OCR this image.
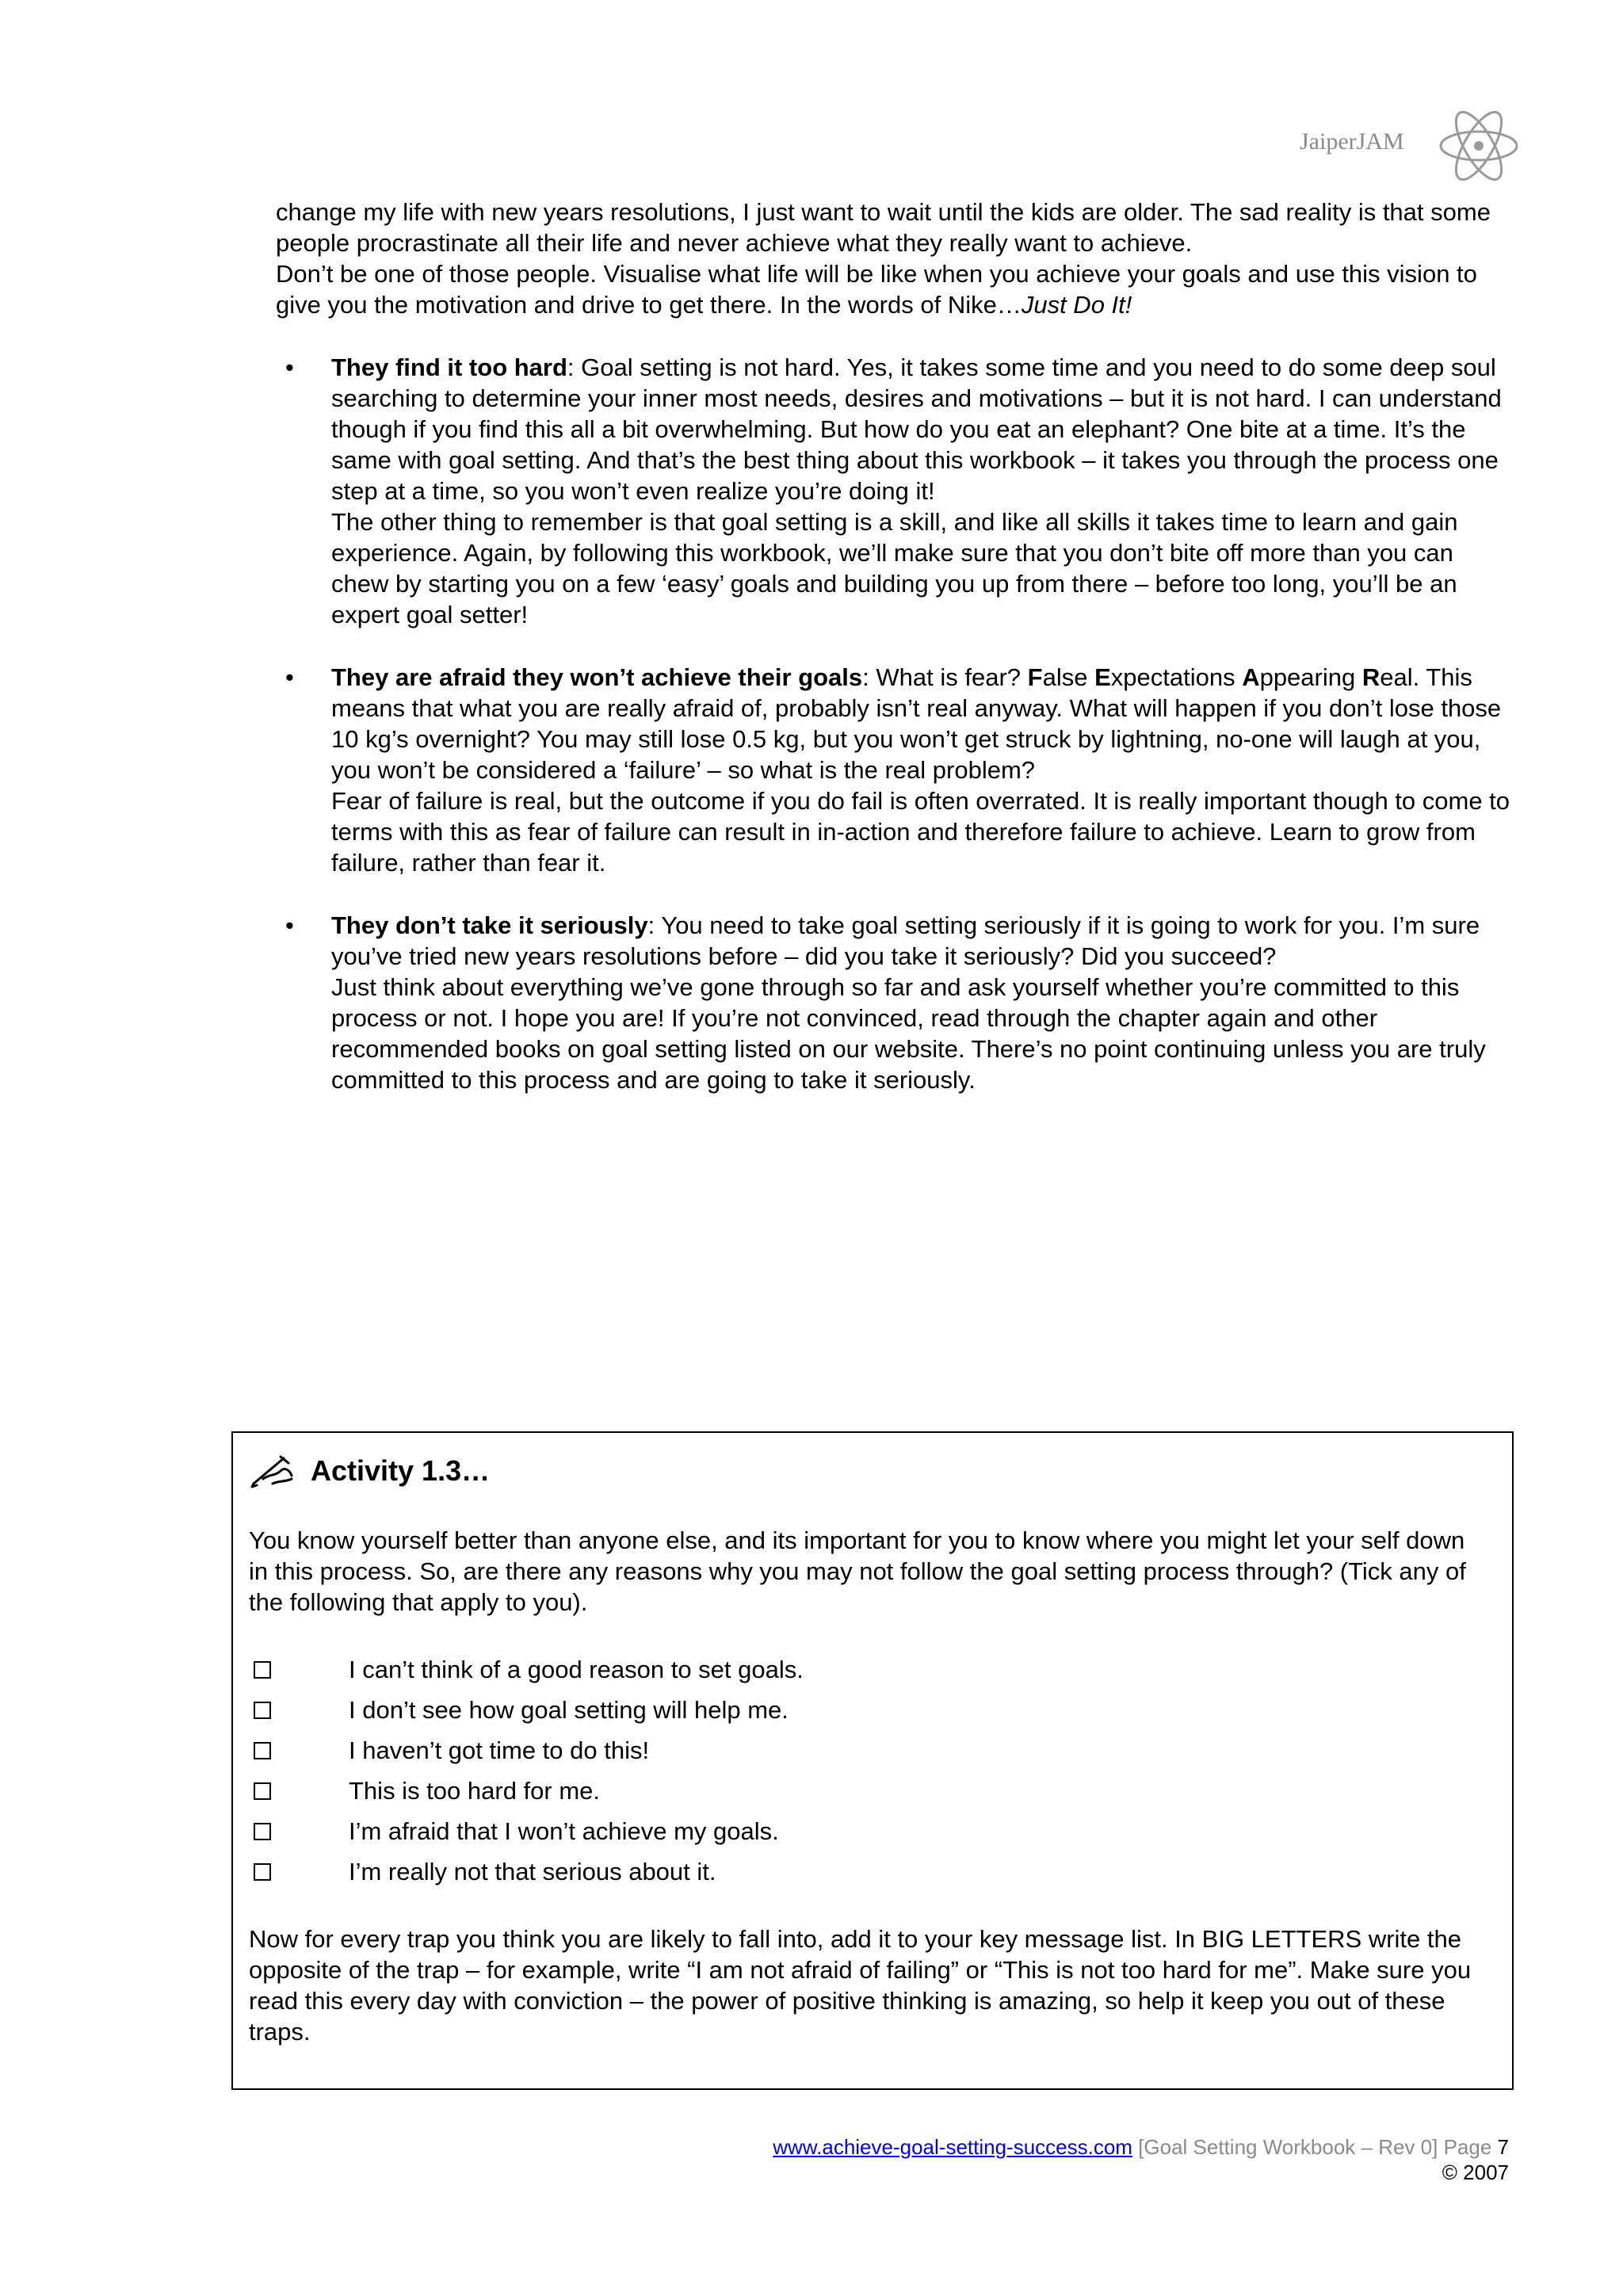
JaiperJAM

change my life with new years resolutions, I just want to wait until the kids are older. The sad reality is that some people procrastinate all their life and never achieve what they really want to achieve.

Don’t be one of those people. Visualise what life will be like when you achieve your goals and use this vision to give you the motivation and drive to get there. In the words of Nike…Just Do It!

• They find it too hard: Goal setting is not hard. Yes, it takes some time and you need to do some deep soul searching to determine your inner most needs, desires and motivations – but it is not hard. I can understand though if you find this all a bit overwhelming. But how do you eat an elephant? One bite at a time. It’s the same with goal setting. And that’s the best thing about this workbook – it takes you through the process one step at a time, so you won’t even realize you’re doing it!

The other thing to remember is that goal setting is a skill, and like all skills it takes time to learn and gain experience. Again, by following this workbook, we’ll make sure that you don’t bite off more than you can chew by starting you on a few ‘easy’ goals and building you up from there – before too long, you’ll be an expert goal setter!

• They are afraid they won’t achieve their goals: What is fear? False Expectations Appearing Real. This means that what you are really afraid of, probably isn’t real anyway. What will happen if you don’t lose those 10 kg’s overnight? You may still lose 0.5 kg, but you won’t get struck by lightning, no-one will laugh at you, you won’t be considered a ‘failure’ – so what is the real problem?

Fear of failure is real, but the outcome if you do fail is often overrated. It is really important though to come to terms with this as fear of failure can result in in-action and therefore failure to achieve. Learn to grow from failure, rather than fear it.

• They don’t take it seriously: You need to take goal setting seriously if it is going to work for you. I’m sure you’ve tried new years resolutions before – did you take it seriously? Did you succeed?

Just think about everything we’ve gone through so far and ask yourself whether you’re committed to this process or not. I hope you are! If you’re not convinced, read through the chapter again and other recommended books on goal setting listed on our website. There’s no point continuing unless you are truly committed to this process and are going to take it seriously.

Activity 1.3…

You know yourself better than anyone else, and its important for you to know where you might let your self down in this process. So, are there any reasons why you may not follow the goal setting process through? (Tick any of the following that apply to you).

I can’t think of a good reason to set goals.
I don’t see how goal setting will help me.
I haven’t got time to do this!
This is too hard for me.
I’m afraid that I won’t achieve my goals.
I’m really not that serious about it.

Now for every trap you think you are likely to fall into, add it to your key message list. In BIG LETTERS write the opposite of the trap – for example, write “I am not afraid of failing” or “This is not too hard for me”. Make sure you read this every day with conviction – the power of positive thinking is amazing, so help it keep you out of these traps.

www.achieve-goal-setting-success.com [Goal Setting Workbook – Rev 0] Page 7
© 2007
